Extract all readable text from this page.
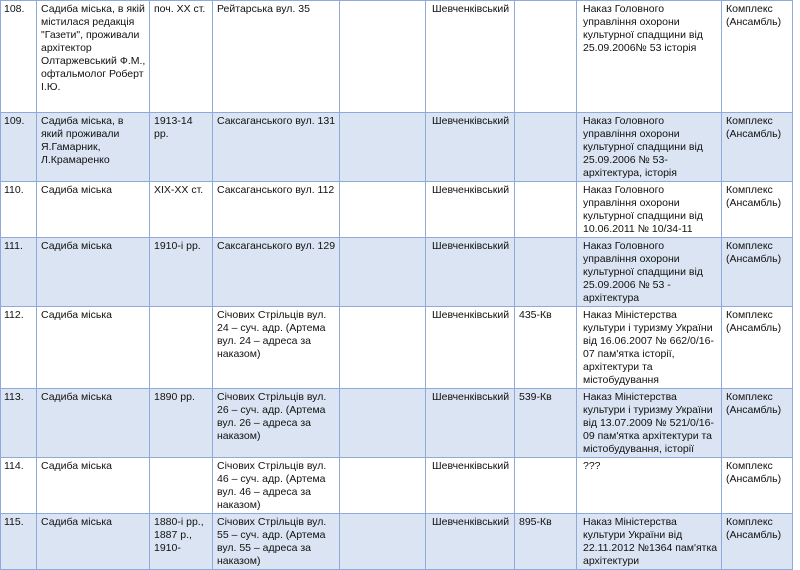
108.	Садиба міська, в якій містилася редакція "Газети", проживали архітектор Олтаржевський Ф.М., офтальмолог Роберт І.Ю.	поч. XX ст.	Рейтарська вул. 35		Шевченківський		Наказ Головного управління охорони культурної спадщини від 25.09.2006№ 53 історія	Комплекс (Ансамбль)
109.	Садиба міська, в який проживали Я.Гамарник, Л.Крамаренко	1913-14 рр.	Саксаганського вул. 131		Шевченківський		Наказ Головного управління охорони культурної спадщини від 25.09.2006 № 53- архітектура, історія	Комплекс (Ансамбль)
110.	Садиба міська	XIX-XX ст.	Саксаганського вул. 112		Шевченківський		Наказ Головного управління охорони культурної спадщини від 10.06.2011 № 10/34-11	Комплекс (Ансамбль)
111.	Садиба міська	1910-і рр.	Саксаганського вул. 129		Шевченківський		Наказ Головного управління охорони культурної спадщини від 25.09.2006 № 53 - архітектура	Комплекс (Ансамбль)
112.	Садиба міська		Січових Стрільців вул. 24 – суч. адр. (Артема вул. 24 – адреса за наказом)		Шевченківський	435-Кв	Наказ Міністерства культури і туризму України від 16.06.2007 № 662/0/16-07 пам'ятка історії, архітектури та містобудування	Комплекс (Ансамбль)
113.	Садиба міська	1890 рр.	Січових Стрільців вул. 26 – суч. адр. (Артема вул. 26 – адреса за наказом)		Шевченківський	539-Кв	Наказ Міністерства культури і туризму України від 13.07.2009 № 521/0/16-09 пам'ятка архітектури та містобудування, історії	Комплекс (Ансамбль)
114.	Садиба міська		Січових Стрільців вул. 46 – суч. адр. (Артема вул. 46 – адреса за наказом)		Шевченківський		???	Комплекс (Ансамбль)
115.	Садиба міська	1880-і рр., 1887 р., 1910-	Січових Стрільців вул. 55 – суч. адр. (Артема вул. 55 – адреса за наказом)		Шевченківський	895-Кв	Наказ Міністерства культури України від 22.11.2012 №1364 пам'ятка архітектури	Комплекс (Ансамбль)
